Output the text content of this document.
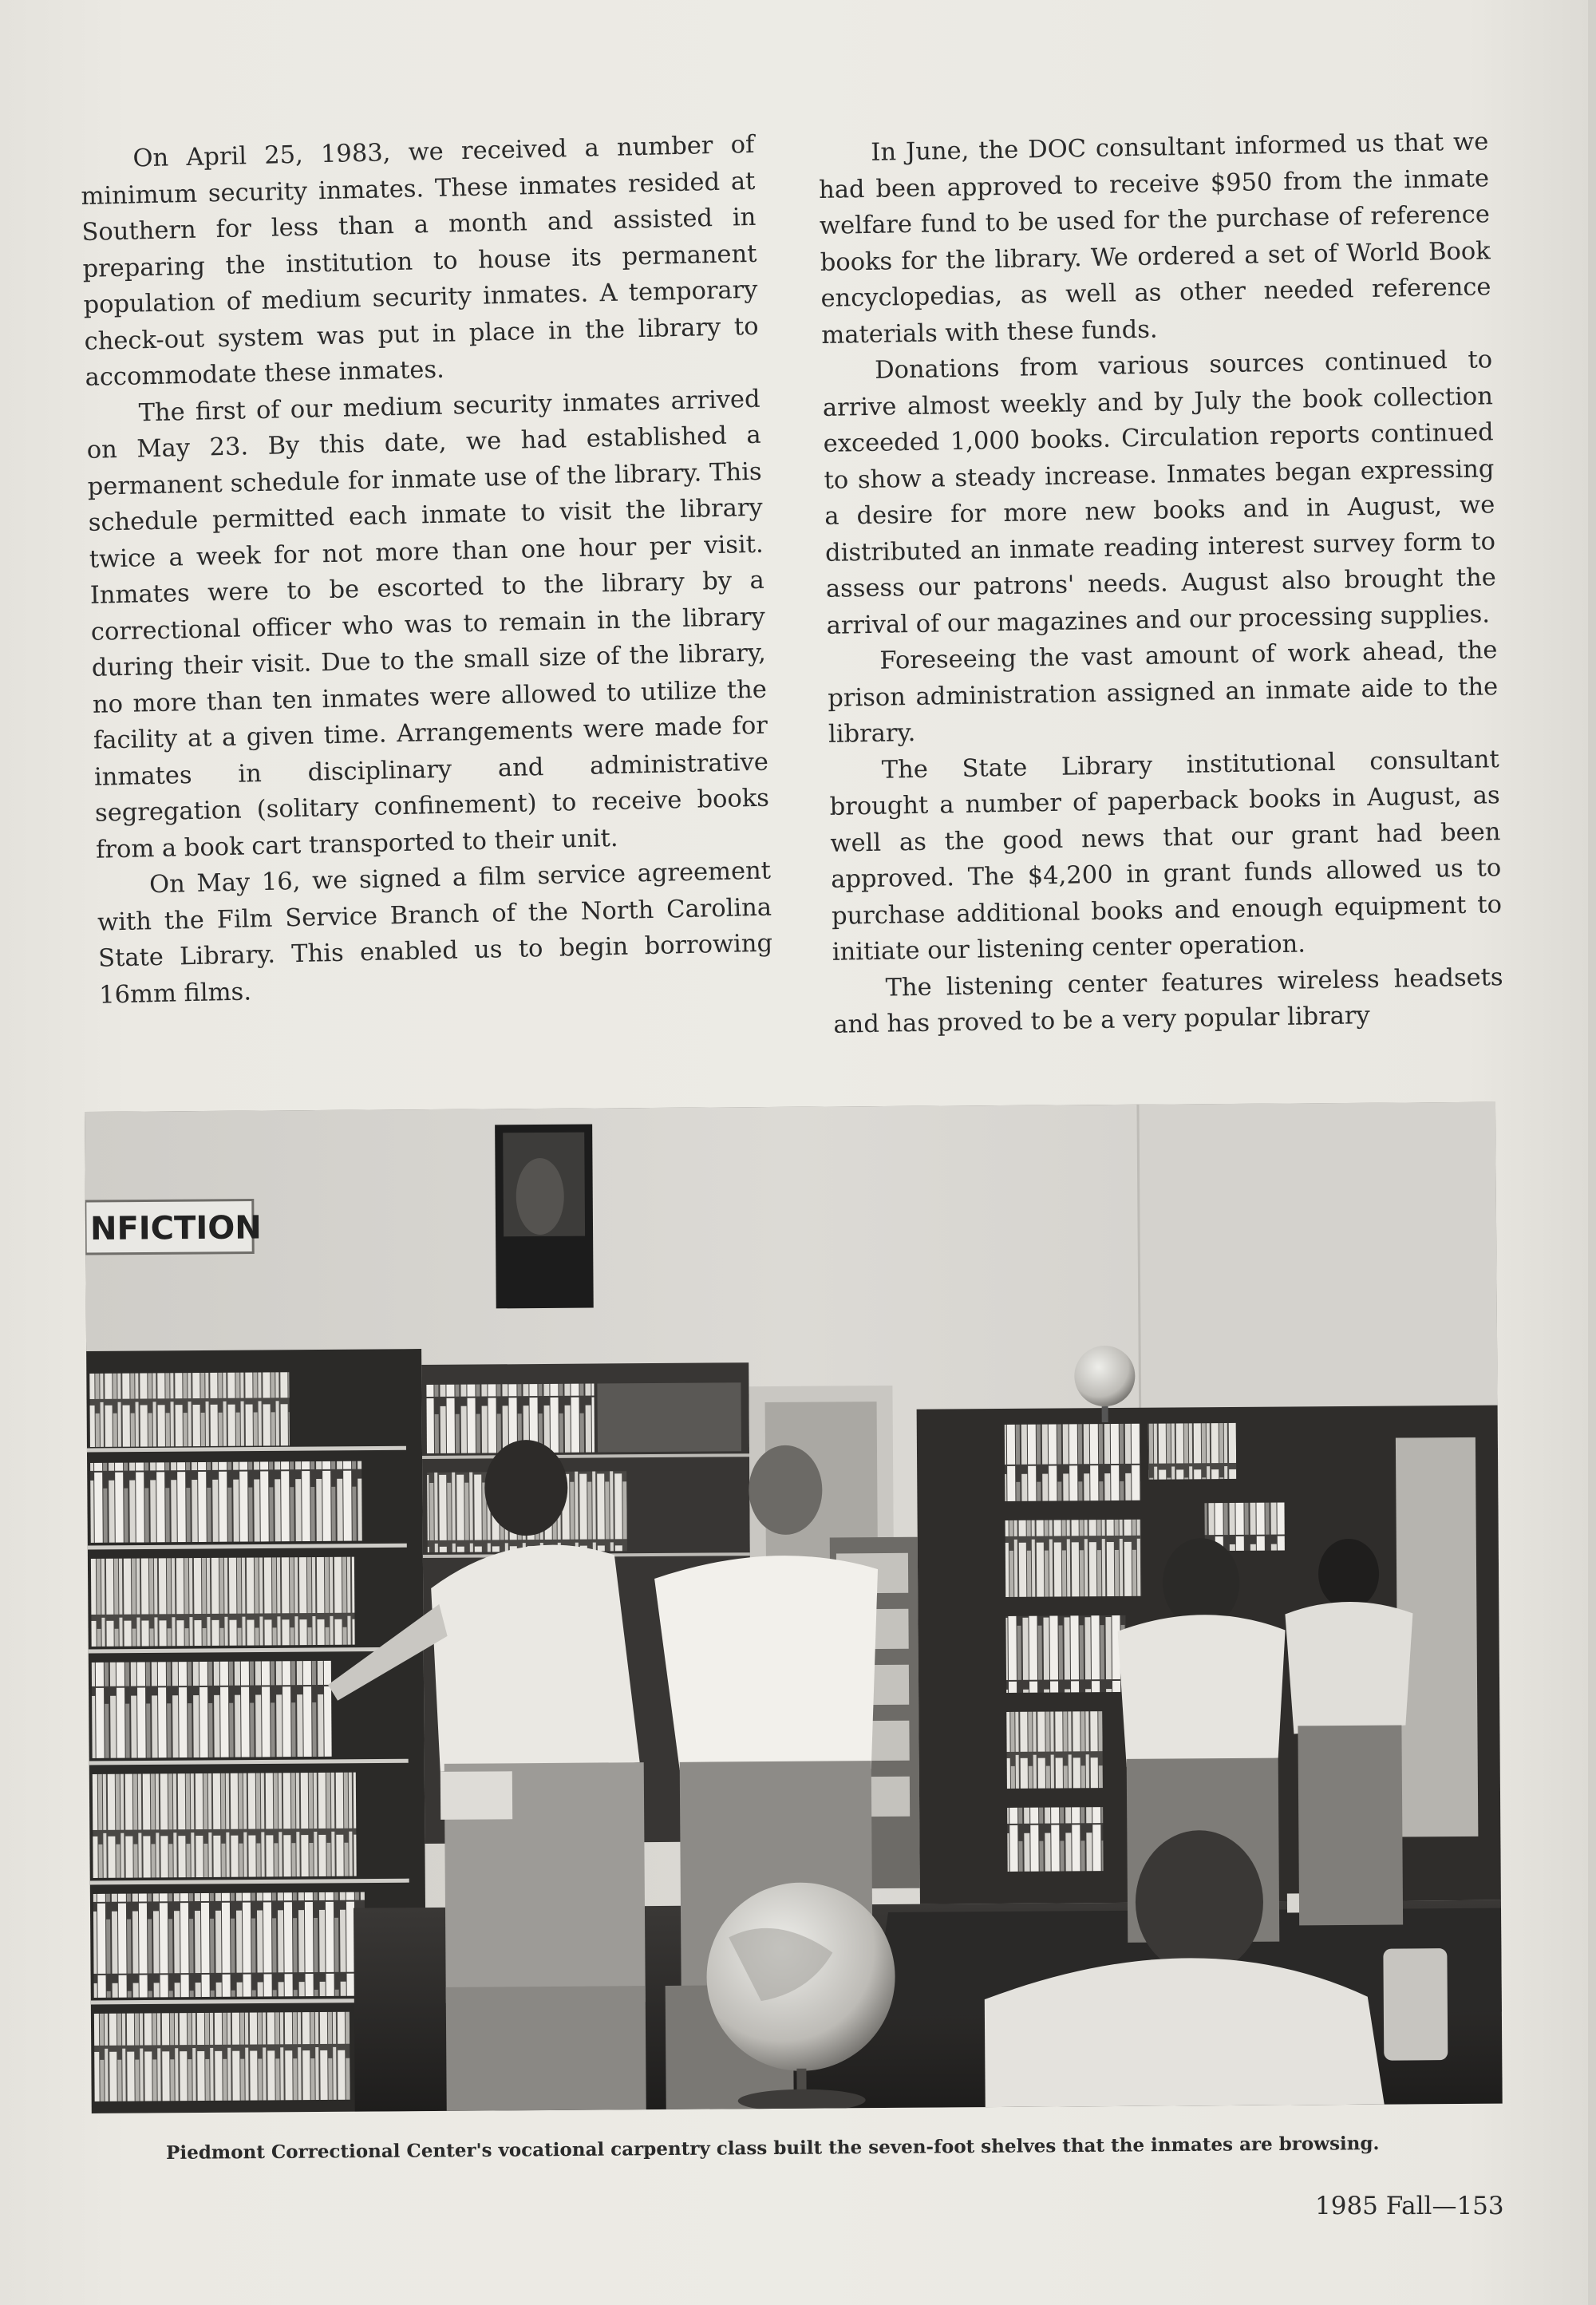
On April 25, 1983, we received a number of minimum security inmates. These inmates resided at Southern for less than a month and assisted in preparing the institution to house its permanent population of medium security inmates. A temporary check-out system was put in place in the library to accommodate these inmates.

The first of our medium security inmates arrived on May 23. By this date, we had established a permanent schedule for inmate use of the library. This schedule permitted each inmate to visit the library twice a week for not more than one hour per visit. Inmates were to be escorted to the library by a correctional officer who was to remain in the library during their visit. Due to the small size of the library, no more than ten inmates were allowed to utilize the facility at a given time. Arrangements were made for inmates in disciplinary and administrative segregation (solitary confinement) to receive books from a book cart transported to their unit.

On May 16, we signed a film service agreement with the Film Service Branch of the North Carolina State Library. This enabled us to begin borrowing 16mm films.

In June, the DOC consultant informed us that we had been approved to receive $950 from the inmate welfare fund to be used for the purchase of reference books for the library. We ordered a set of World Book encyclopedias, as well as other needed reference materials with these funds.

Donations from various sources continued to arrive almost weekly and by July the book collection exceeded 1,000 books. Circulation reports continued to show a steady increase. Inmates began expressing a desire for more new books and in August, we distributed an inmate reading interest survey form to assess our patrons' needs. August also brought the arrival of our magazines and our processing supplies.

Foreseeing the vast amount of work ahead, the prison administration assigned an inmate aide to the library.

The State Library institutional consultant brought a number of paperback books in August, as well as the good news that our grant had been approved. The $4,200 in grant funds allowed us to purchase additional books and enough equipment to initiate our listening center operation.

The listening center features wireless headsets and has proved to be a very popular library

NFICTION
Piedmont Correctional Center's vocational carpentry class built the seven-foot shelves that the inmates are browsing.
1985 Fall—153
